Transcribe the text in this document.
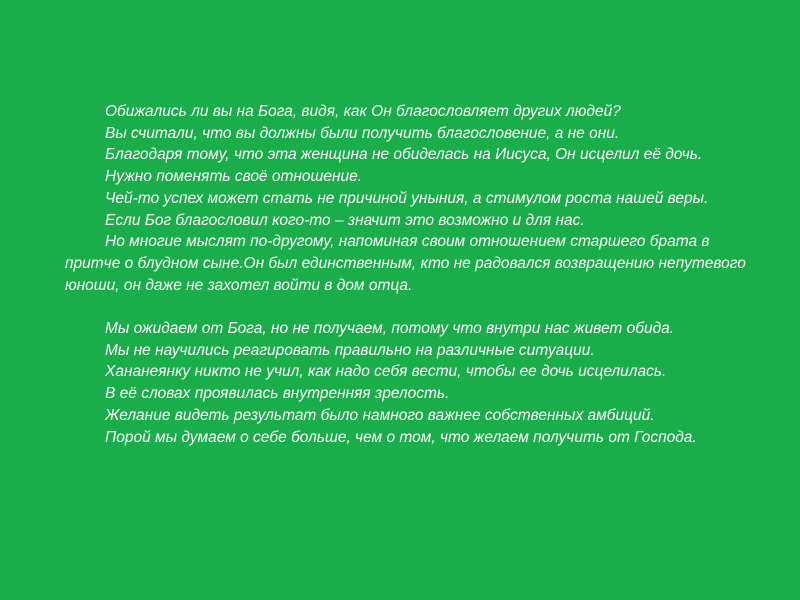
Обижались ли вы на Бога, видя, как Он благословляет других людей?

Вы считали, что вы должны были получить благословение, а не они.

Благодаря тому, что эта женщина не обиделась на Иисуса, Он исцелил её дочь.

Нужно поменять своё отношение.

Чей-то успех может стать не причиной уныния, а стимулом роста нашей веры.

Если Бог благословил кого-то – значит это возможно и для нас.

Но многие мыслят по-другому, напоминая своим отношением старшего брата в притче о блудном сыне.Он был единственным, кто не радовался возвращению непутевого юноши, он даже не захотел войти в дом отца.

Мы ожидаем от Бога, но не получаем, потому что внутри нас живет обида.

Мы не научились реагировать правильно на различные ситуации.

Хананеянку никто не учил, как надо себя вести, чтобы ее дочь исцелилась.

В её словах проявилась внутренняя зрелость.

Желание видеть результат было намного важнее собственных амбиций.

Порой мы думаем о себе больше, чем о том, что желаем получить от Господа.
